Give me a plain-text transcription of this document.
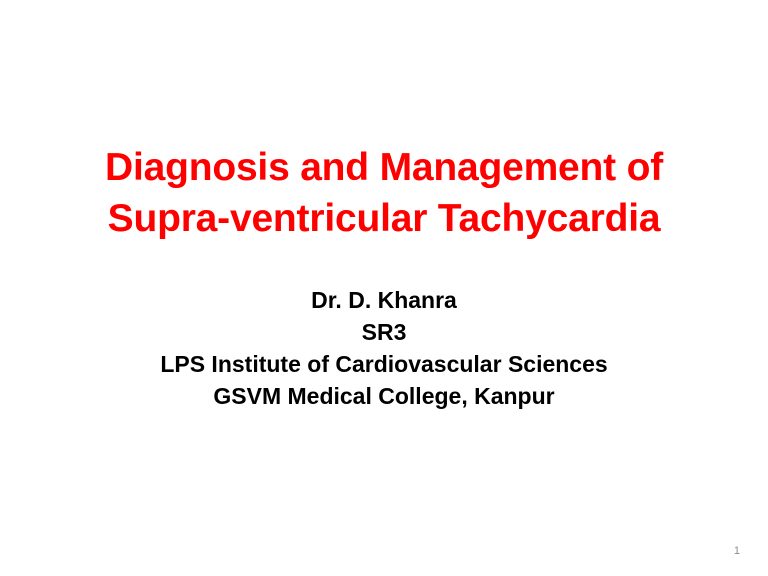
Diagnosis and Management of
Supra-ventricular Tachycardia
Dr. D. Khanra
SR3
LPS Institute of Cardiovascular Sciences
GSVM Medical College, Kanpur
1
